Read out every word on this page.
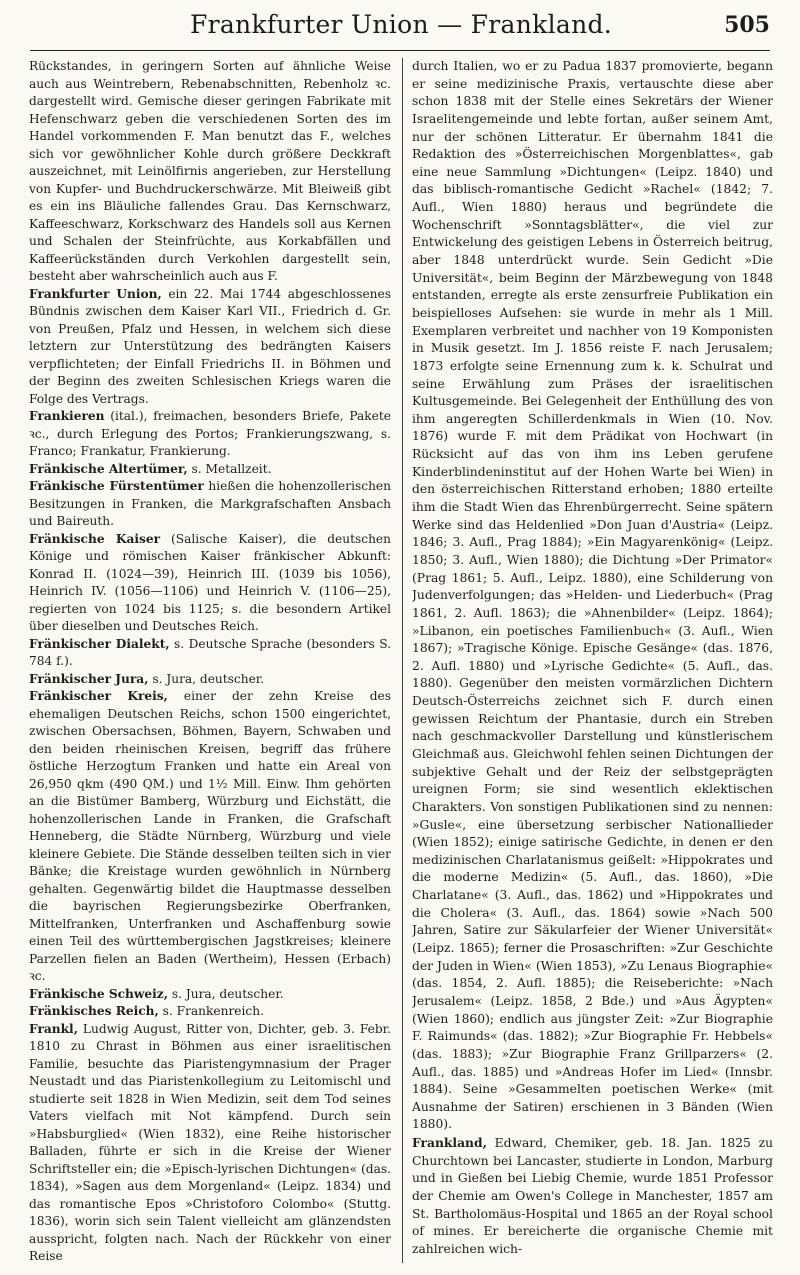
Frankfurter Union — Frankland.	505

Rückstandes, in geringern Sorten auf ähnliche Weise auch aus Weintrebern, Rebenabschnitten, Rebenholz ꝛc. dargestellt wird. Gemische dieser geringen Fabrikate mit Hefenschwarz geben die verschiedenen Sorten des im Handel vorkommenden F. Man benutzt das F., welches sich vor gewöhnlicher Kohle durch größere Deckkraft auszeichnet, mit Leinölfirnis angerieben, zur Herstellung von Kupfer- und Buchdruckerschwärze. Mit Bleiweiß gibt es ein ins Bläuliche fallendes Grau. Das Kernschwarz, Kaffeeschwarz, Korkschwarz des Handels soll aus Kernen und Schalen der Steinfrüchte, aus Korkabfällen und Kaffeerückständen durch Verkohlen dargestellt sein, besteht aber wahrscheinlich auch aus F.

Frankfurter Union, ein 22. Mai 1744 abgeschlossenes Bündnis zwischen dem Kaiser Karl VII., Friedrich d. Gr. von Preußen, Pfalz und Hessen, in welchem sich diese letztern zur Unterstützung des bedrängten Kaisers verpflichteten; der Einfall Friedrichs II. in Böhmen und der Beginn des zweiten Schlesischen Kriegs waren die Folge des Vertrags.

Frankieren (ital.), freimachen, besonders Briefe, Pakete ꝛc., durch Erlegung des Portos; Frankierungszwang, s. Franco; Frankatur, Frankierung.

Fränkische Altertümer, s. Metallzeit.

Fränkische Fürstentümer hießen die hohenzollerischen Besitzungen in Franken, die Markgrafschaften Ansbach und Baireuth.

Fränkische Kaiser (Salische Kaiser), die deutschen Könige und römischen Kaiser fränkischer Abkunft: Konrad II. (1024—39), Heinrich III. (1039 bis 1056), Heinrich IV. (1056—1106) und Heinrich V. (1106—25), regierten von 1024 bis 1125; s. die besondern Artikel über dieselben und Deutsches Reich.

Fränkischer Dialekt, s. Deutsche Sprache (besonders S. 784 f.).

Fränkischer Jura, s. Jura, deutscher.

Fränkischer Kreis, einer der zehn Kreise des ehemaligen Deutschen Reichs, schon 1500 eingerichtet, zwischen Obersachsen, Böhmen, Bayern, Schwaben und den beiden rheinischen Kreisen, begriff das frühere östliche Herzogtum Franken und hatte ein Areal von 26,950 qkm (490 QM.) und 1½ Mill. Einw. Ihm gehörten an die Bistümer Bamberg, Würzburg und Eichstätt, die hohenzollerischen Lande in Franken, die Grafschaft Henneberg, die Städte Nürnberg, Würzburg und viele kleinere Gebiete. Die Stände desselben teilten sich in vier Bänke; die Kreistage wurden gewöhnlich in Nürnberg gehalten. Gegenwärtig bildet die Hauptmasse desselben die bayrischen Regierungsbezirke Oberfranken, Mittelfranken, Unterfranken und Aschaffenburg sowie einen Teil des württembergischen Jagstkreises; kleinere Parzellen fielen an Baden (Wertheim), Hessen (Erbach) ꝛc.

Fränkische Schweiz, s. Jura, deutscher.

Fränkisches Reich, s. Frankenreich.

Frankl, Ludwig August, Ritter von, Dichter, geb. 3. Febr. 1810 zu Chrast in Böhmen aus einer israelitischen Familie, besuchte das Piaristengymnasium der Prager Neustadt und das Piaristenkollegium zu Leitomischl und studierte seit 1828 in Wien Medizin, seit dem Tod seines Vaters vielfach mit Not kämpfend. Durch sein »Habsburglied« (Wien 1832), eine Reihe historischer Balladen, führte er sich in die Kreise der Wiener Schriftsteller ein; die »Episch-lyrischen Dichtungen« (das. 1834), »Sagen aus dem Morgenland« (Leipz. 1834) und das romantische Epos »Christoforo Colombo« (Stuttg. 1836), worin sich sein Talent vielleicht am glänzendsten ausspricht, folgten nach. Nach der Rückkehr von einer Reise

durch Italien, wo er zu Padua 1837 promovierte, begann er seine medizinische Praxis, vertauschte diese aber schon 1838 mit der Stelle eines Sekretärs der Wiener Israelitengemeinde und lebte fortan, außer seinem Amt, nur der schönen Litteratur. Er übernahm 1841 die Redaktion des »Österreichischen Morgenblattes«, gab eine neue Sammlung »Dichtungen« (Leipz. 1840) und das biblisch-romantische Gedicht »Rachel« (1842; 7. Aufl., Wien 1880) heraus und begründete die Wochenschrift »Sonntagsblätter«, die viel zur Entwickelung des geistigen Lebens in Österreich beitrug, aber 1848 unterdrückt wurde. Sein Gedicht »Die Universität«, beim Beginn der Märzbewegung von 1848 entstanden, erregte als erste zensurfreie Publikation ein beispielloses Aufsehen: sie wurde in mehr als 1 Mill. Exemplaren verbreitet und nachher von 19 Komponisten in Musik gesetzt. Im J. 1856 reiste F. nach Jerusalem; 1873 erfolgte seine Ernennung zum k. k. Schulrat und seine Erwählung zum Präses der israelitischen Kultusgemeinde. Bei Gelegenheit der Enthüllung des von ihm angeregten Schillerdenkmals in Wien (10. Nov. 1876) wurde F. mit dem Prädikat von Hochwart (in Rücksicht auf das von ihm ins Leben gerufene Kinderblindeninstitut auf der Hohen Warte bei Wien) in den österreichischen Ritterstand erhoben; 1880 erteilte ihm die Stadt Wien das Ehrenbürgerrecht. Seine spätern Werke sind das Heldenlied »Don Juan d'Austria« (Leipz. 1846; 3. Aufl., Prag 1884); »Ein Magyarenkönig« (Leipz. 1850; 3. Aufl., Wien 1880); die Dichtung »Der Primator« (Prag 1861; 5. Aufl., Leipz. 1880), eine Schilderung von Judenverfolgungen; das »Helden- und Liederbuch« (Prag 1861, 2. Aufl. 1863); die »Ahnenbilder« (Leipz. 1864); »Libanon, ein poetisches Familienbuch« (3. Aufl., Wien 1867); »Tragische Könige. Epische Gesänge« (das. 1876, 2. Aufl. 1880) und »Lyrische Gedichte« (5. Aufl., das. 1880). Gegenüber den meisten vormärzlichen Dichtern Deutsch-Österreichs zeichnet sich F. durch einen gewissen Reichtum der Phantasie, durch ein Streben nach geschmackvoller Darstellung und künstlerischem Gleichmaß aus. Gleichwohl fehlen seinen Dichtungen der subjektive Gehalt und der Reiz der selbstgeprägten ureignen Form; sie sind wesentlich eklektischen Charakters. Von sonstigen Publikationen sind zu nennen: »Gusle«, eine übersetzung serbischer Nationallieder (Wien 1852); einige satirische Gedichte, in denen er den medizinischen Charlatanismus geißelt: »Hippokrates und die moderne Medizin« (5. Aufl., das. 1860), »Die Charlatane« (3. Aufl., das. 1862) und »Hippokrates und die Cholera« (3. Aufl., das. 1864) sowie »Nach 500 Jahren, Satire zur Säkularfeier der Wiener Universität« (Leipz. 1865); ferner die Prosaschriften: »Zur Geschichte der Juden in Wien« (Wien 1853), »Zu Lenaus Biographie« (das. 1854, 2. Aufl. 1885); die Reiseberichte: »Nach Jerusalem« (Leipz. 1858, 2 Bde.) und »Aus Ägypten« (Wien 1860); endlich aus jüngster Zeit: »Zur Biographie F. Raimunds« (das. 1882); »Zur Biographie Fr. Hebbels« (das. 1883); »Zur Biographie Franz Grillparzers« (2. Aufl., das. 1885) und »Andreas Hofer im Lied« (Innsbr. 1884). Seine »Gesammelten poetischen Werke« (mit Ausnahme der Satiren) erschienen in 3 Bänden (Wien 1880).

Frankland, Edward, Chemiker, geb. 18. Jan. 1825 zu Churchtown bei Lancaster, studierte in London, Marburg und in Gießen bei Liebig Chemie, wurde 1851 Professor der Chemie am Owen's College in Manchester, 1857 am St. Bartholomäus-Hospital und 1865 an der Royal school of mines. Er bereicherte die organische Chemie mit zahlreichen wich-
